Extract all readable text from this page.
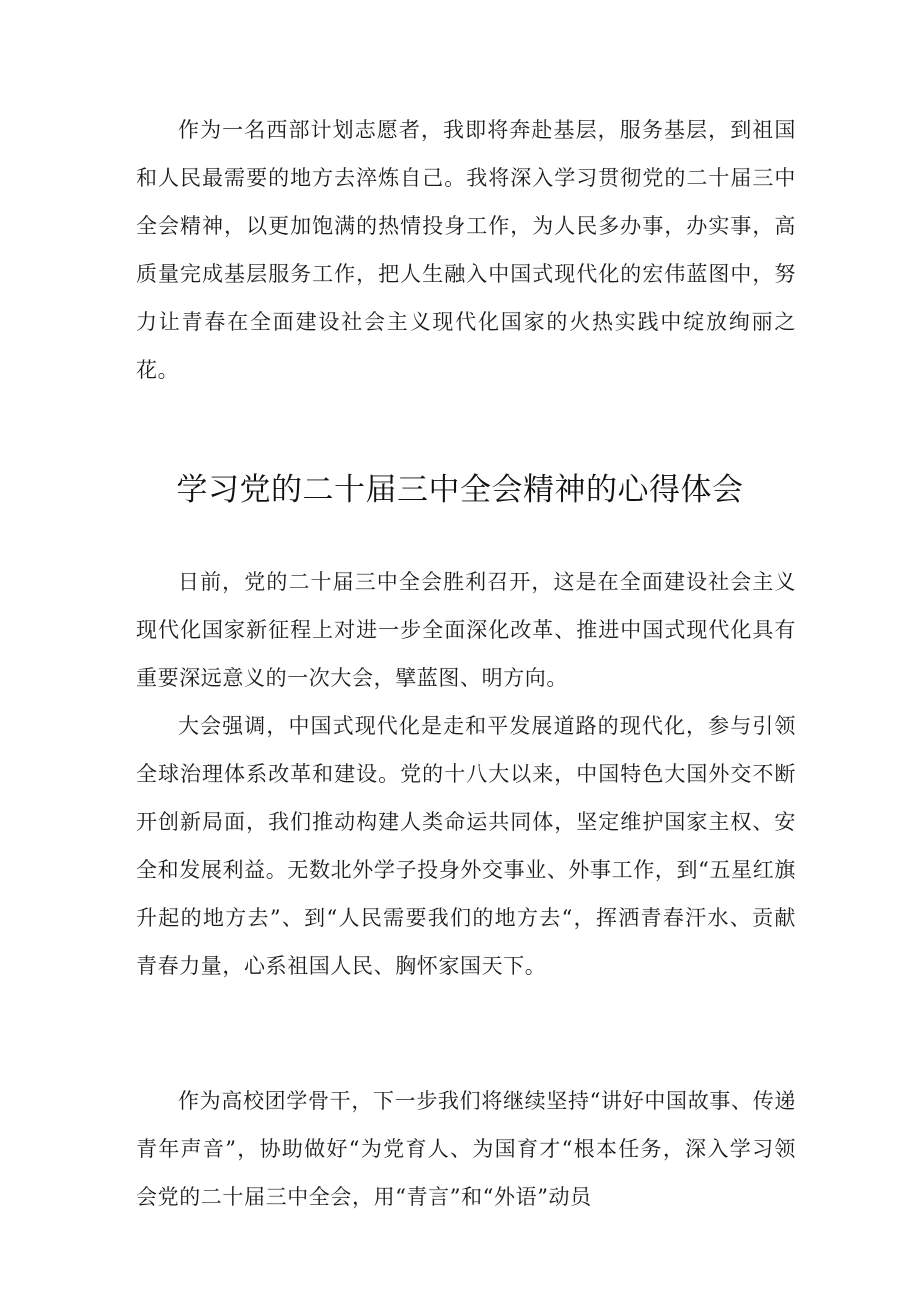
作为一名西部计划志愿者，我即将奔赴基层，服务基层，到祖国和人民最需要的地方去淬炼自己。我将深入学习贯彻党的二十届三中全会精神，以更加饱满的热情投身工作，为人民多办事，办实事，高质量完成基层服务工作，把人生融入中国式现代化的宏伟蓝图中，努力让青春在全面建设社会主义现代化国家的火热实践中绽放绚丽之花。

学习党的二十届三中全会精神的心得体会

日前，党的二十届三中全会胜利召开，这是在全面建设社会主义现代化国家新征程上对进一步全面深化改革、推进中国式现代化具有重要深远意义的一次大会，擘蓝图、明方向。

大会强调，中国式现代化是走和平发展道路的现代化，参与引领全球治理体系改革和建设。党的十八大以来，中国特色大国外交不断开创新局面，我们推动构建人类命运共同体，坚定维护国家主权、安全和发展利益。无数北外学子投身外交事业、外事工作，到“五星红旗升起的地方去”、到“人民需要我们的地方去“，挥洒青春汗水、贡献青春力量，心系祖国人民、胸怀家国天下。

作为高校团学骨干，下一步我们将继续坚持“讲好中国故事、传递青年声音”，协助做好“为党育人、为国育才“根本任务，深入学习领会党的二十届三中全会，用“青言”和“外语”动员
